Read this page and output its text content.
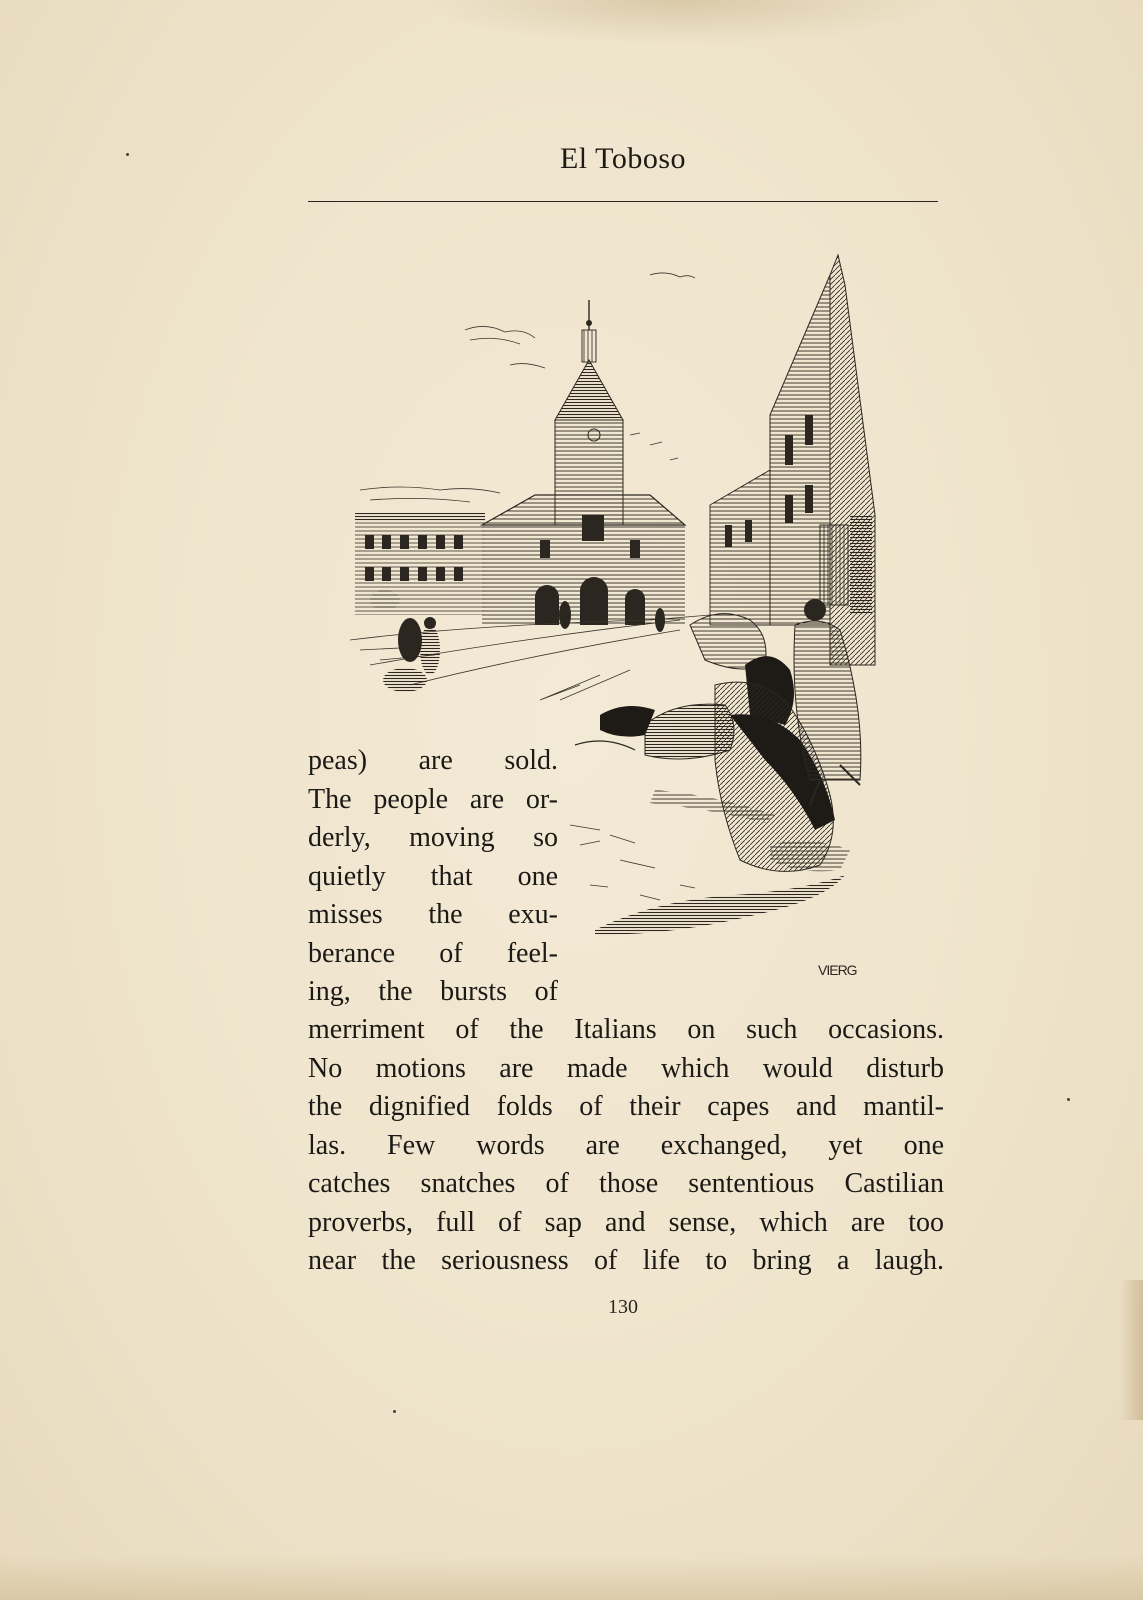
El Toboso
VIERG
peas) are sold.
The people are or-
derly, moving so
quietly that one
misses the exu-
berance of feel-
ing, the bursts of
merriment of the Italians on such occasions.
No motions are made which would disturb
the dignified folds of their capes and mantil-
las. Few words are exchanged, yet one
catches snatches of those sententious Castilian
proverbs, full of sap and sense, which are too
near the seriousness of life to bring a laugh.
130
